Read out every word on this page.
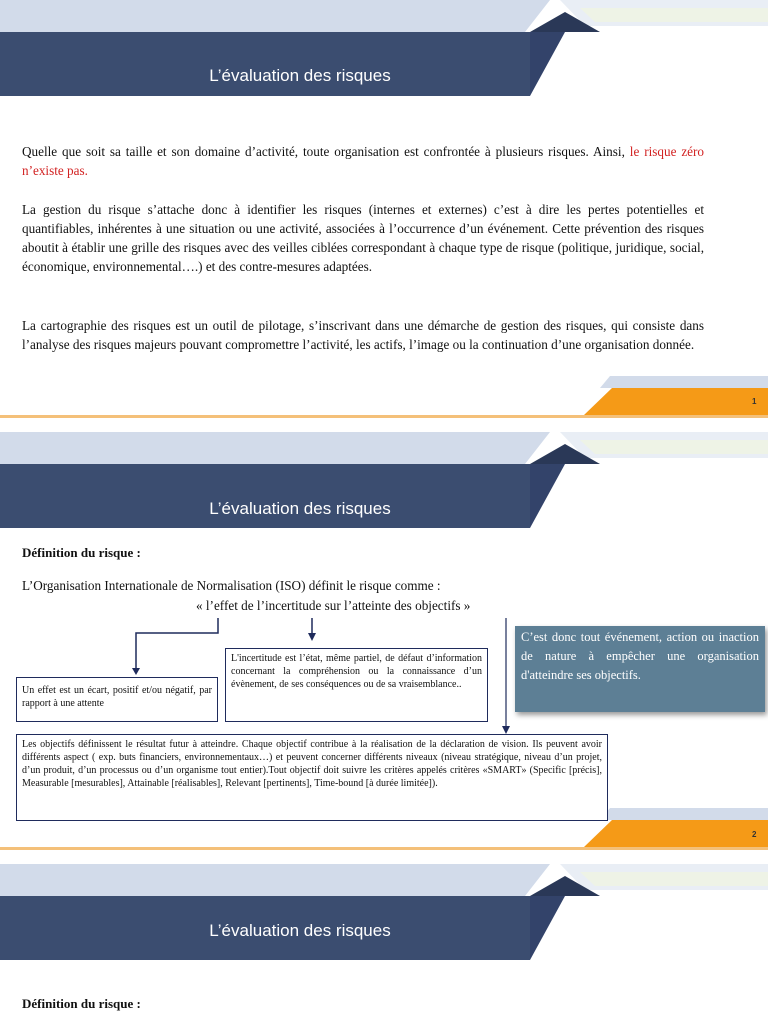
L’évaluation des risques

Quelle que soit sa taille et son domaine d’activité, toute organisation est confrontée à plusieurs risques. Ainsi, le risque zéro n’existe pas.

La gestion du risque s’attache donc à identifier les risques (internes et externes) c’est à dire les pertes potentielles et quantifiables, inhérentes à une situation ou une activité, associées à l’occurrence d’un événement. Cette prévention des risques aboutit à établir une grille des risques avec des veilles ciblées correspondant à chaque type de risque (politique, juridique, social, économique, environnemental….) et des contre-mesures adaptées.

La cartographie des risques est un outil de pilotage, s’inscrivant dans une démarche de gestion des risques, qui consiste dans l’analyse des risques majeurs pouvant compromettre l’activité, les actifs, l’image ou la continuation d’une organisation donnée.

1
L’évaluation des risques
Définition du risque :
L’Organisation Internationale de Normalisation (ISO) définit le risque comme :
« l’effet de l’incertitude sur l’atteinte des objectifs »
Un effet est un écart, positif et/ou négatif, par rapport à une attente
L'incertitude est l’état, même partiel, de défaut d’information concernant la compréhension ou la connaissance d’un évènement, de ses conséquences ou de sa vraisemblance..
Les objectifs définissent le résultat futur à atteindre. Chaque objectif contribue à la réalisation de la déclaration de vision. Ils peuvent avoir différents aspect ( exp. buts financiers, environnementaux…) et peuvent concerner différents niveaux (niveau stratégique, niveau d’un projet, d’un produit, d’un processus ou d’un organisme tout entier).Tout objectif doit suivre les critères appelés critères «SMART» (Specific [précis], Measurable [mesurables], Attainable [réalisables], Relevant [pertinents], Time-bound [à durée limitée]).
C’est donc tout événement, action ou inaction de nature à empêcher une organisation d'atteindre ses objectifs.
2
L’évaluation des risques
Définition du risque :
